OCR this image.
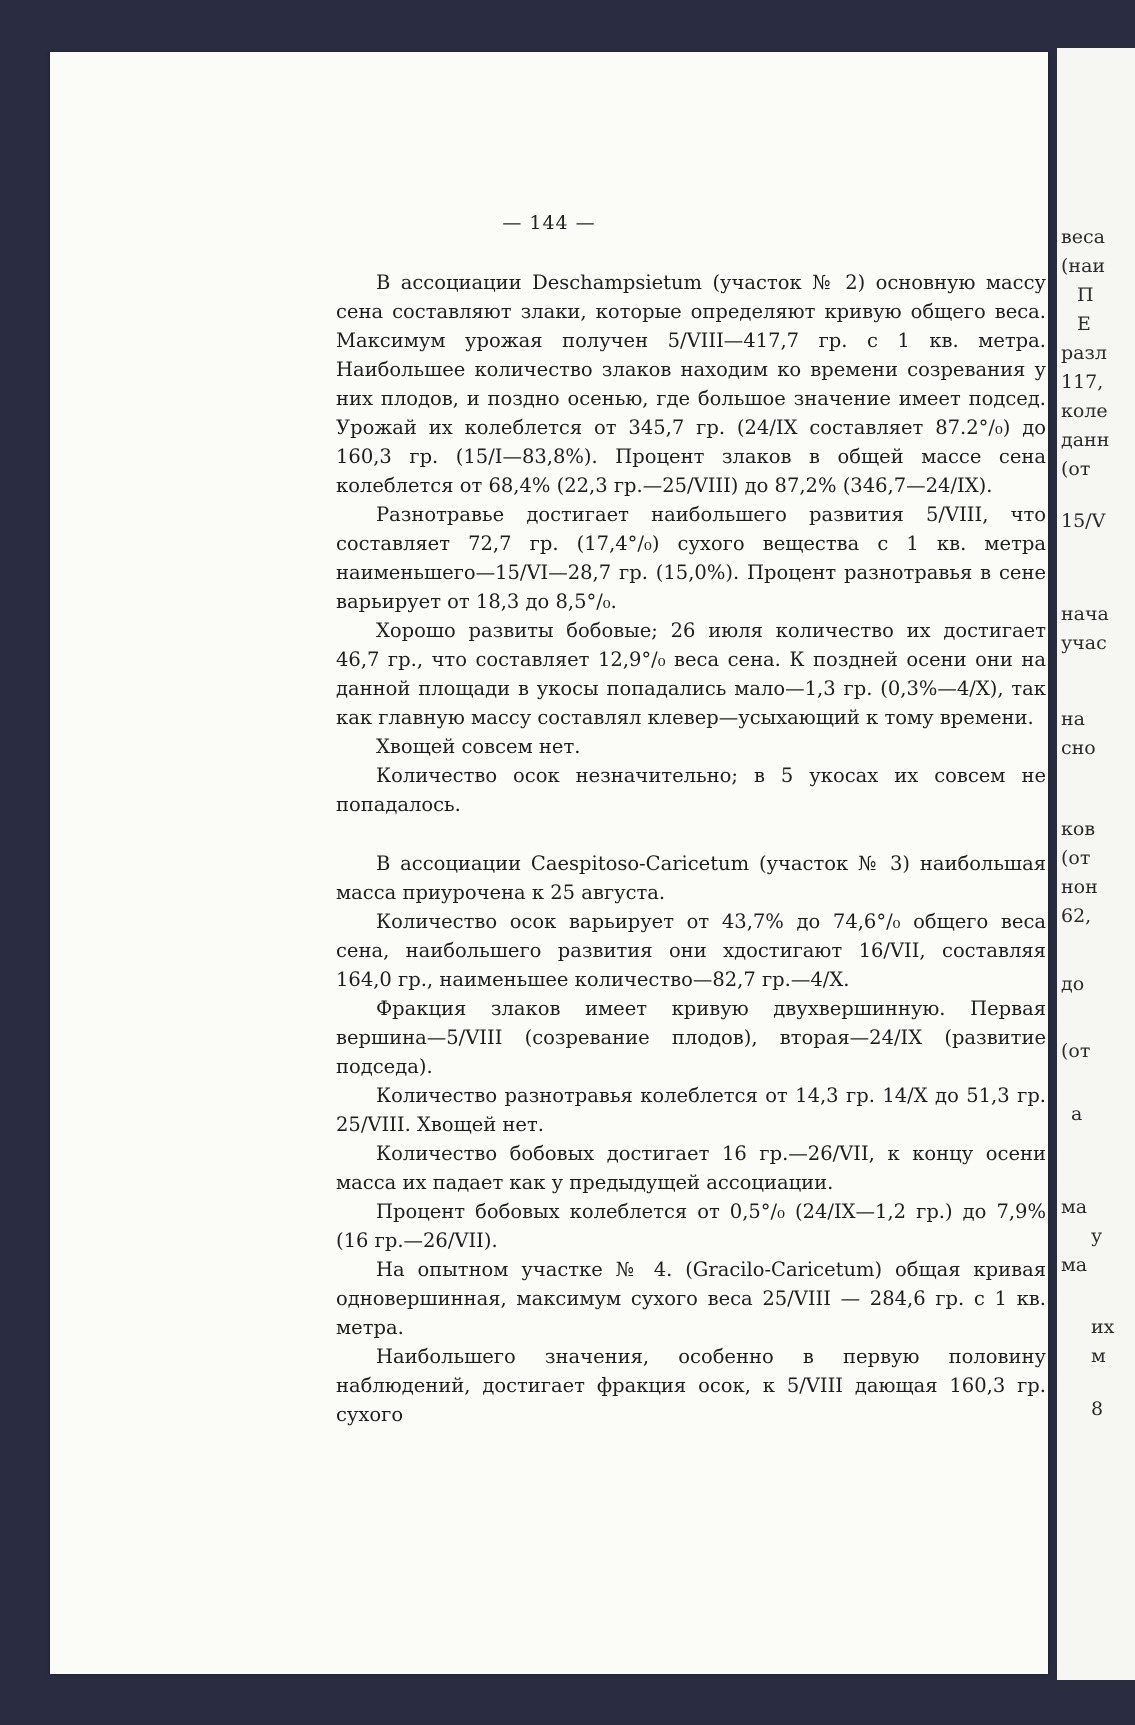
— 144 —

В ассоциации Deschampsietum (участок № 2) основную массу сена составляют злаки, которые определяют кривую общего веса. Максимум урожая получен 5/VIII—417,7 гр. с 1 кв. метра. Наибольшее количество злаков находим ко времени созревания у них плодов, и поздно осенью, где большое значение имеет подсед. Урожай их колеблется от 345,7 гр. (24/IX составляет 87.2°/₀) до 160,3 гр. (15/I—83,8%). Процент злаков в общей массе сена колеблется от 68,4% (22,3 гр.—25/VIII) до 87,2% (346,7—24/IX).

Разнотравье достигает наибольшего развития 5/VIII, что составляет 72,7 гр. (17,4°/₀) сухого вещества с 1 кв. метра наименьшего—15/VI—28,7 гр. (15,0%). Процент разнотравья в сене варьирует от 18,3 до 8,5°/₀.

Хорошо развиты бобовые; 26 июля количество их достигает 46,7 гр., что составляет 12,9°/₀ веса сена. К поздней осени они на данной площади в укосы попадались мало—1,3 гр. (0,3%—4/X), так как главную массу составлял клевер—усыхающий к тому времени.

Хвощей совсем нет.

Количество осок незначительно; в 5 укосах их совсем не попадалось.

В ассоциации Caespitoso-Caricetum (участок № 3) наибольшая масса приурочена к 25 августа.

Количество осок варьирует от 43,7% до 74,6°/₀ общего веса сена, наибольшего развития они хдостигают 16/VII, составляя 164,0 гр., наименьшее количество—82,7 гр.—4/X.

Фракция злаков имеет кривую двухвершинную. Первая вершина—5/VIII (созревание плодов), вторая—24/IX (развитие подседа).

Количество разнотравья колеблется от 14,3 гр. 14/X до 51,3 гр. 25/VIII. Хвощей нет.

Количество бобовых достигает 16 гр.—26/VII, к концу осени масса их падает как у предыдущей ассоциации.

Процент бобовых колеблется от 0,5°/₀ (24/IX—1,2 гр.) до 7,9% (16 гр.—26/VII).

На опытном участке № 4. (Gracilo-Caricetum) общая кривая одновершинная, максимум сухого веса 25/VIII — 284,6 гр. с 1 кв. метра.

Наибольшего значения, особенно в первую половину наблюдений, достигает фракция осок, к 5/VIII дающая 160,3 гр. сухого

веса
(наи
П
Е
разл
117,
коле
данн
(от
15/V
нача
учас
на
сно
ков
(от
нон
62,
до
(от
а
ма
у
ма
их
м
8
